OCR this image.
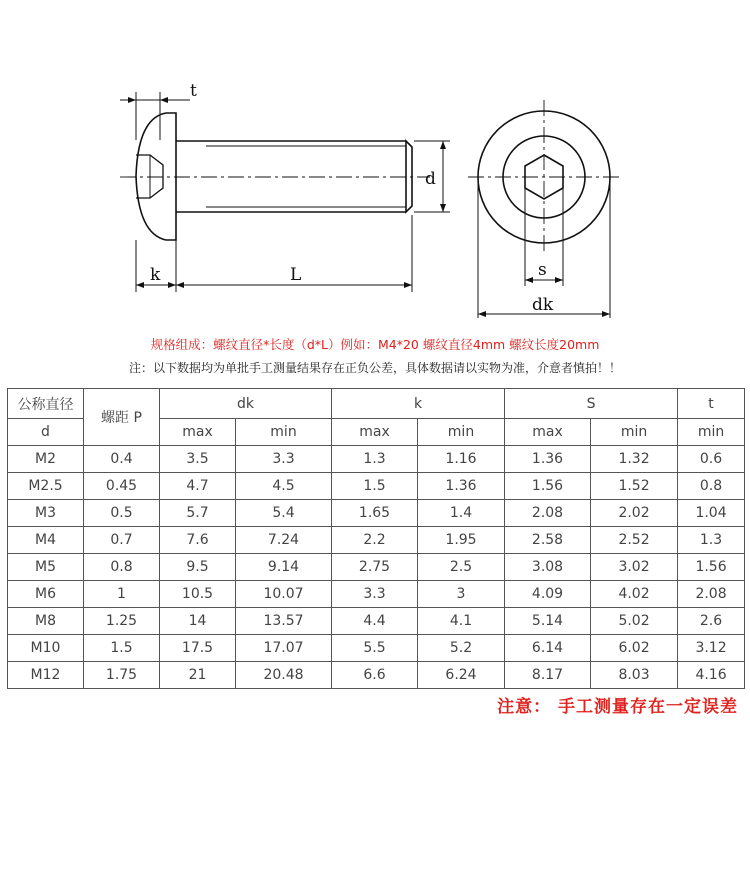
t
k	L
d
s
dk
规格组成：螺纹直径*长度（d*L）例如：M4*20 螺纹直径4mm 螺纹长度20mm
注：以下数据均为单批手工测量结果存在正负公差，具体数据请以实物为准，介意者慎拍！！
公称直径	螺距 P	dk		k		S		t
d		max	min	max	min	max	min	min
M2	0.4	3.5	3.3	1.3	1.16	1.36	1.32	0.6
M2.5	0.45	4.7	4.5	1.5	1.36	1.56	1.52	0.8
M3	0.5	5.7	5.4	1.65	1.4	2.08	2.02	1.04
M4	0.7	7.6	7.24	2.2	1.95	2.58	2.52	1.3
M5	0.8	9.5	9.14	2.75	2.5	3.08	3.02	1.56
M6	1	10.5	10.07	3.3	3	4.09	4.02	2.08
M8	1.25	14	13.57	4.4	4.1	5.14	5.02	2.6
M10	1.5	17.5	17.07	5.5	5.2	6.14	6.02	3.12
M12	1.75	21	20.48	6.6	6.24	8.17	8.03	4.16
注意： 手工测量存在一定误差
